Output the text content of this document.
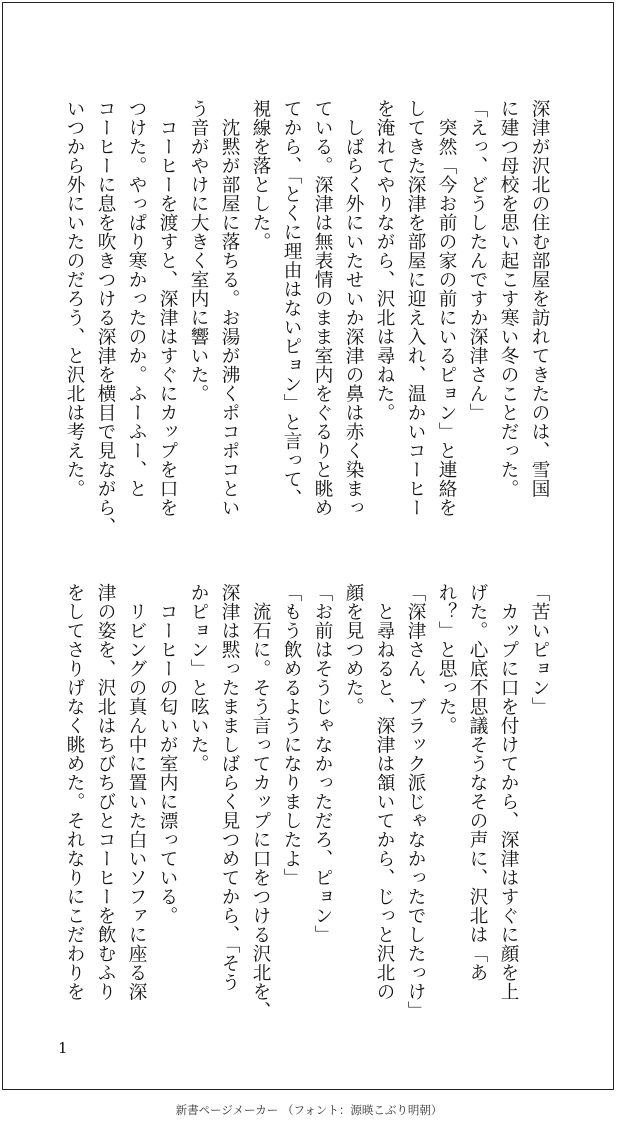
深津が沢北の住む部屋を訪れてきたのは、雪国
に建つ母校を思い起こす寒い冬のことだった。
「えっ、どうしたんですか深津さん」
　突然「今お前の家の前にいるピョン」と連絡を
してきた深津を部屋に迎え入れ、温かいコーヒー
を淹れてやりながら、沢北は尋ねた。
　しばらく外にいたせいか深津の鼻は赤く染まっ
ている。深津は無表情のまま室内をぐるりと眺め
てから、「とくに理由はないピョン」と言って、
視線を落とした。
　沈黙が部屋に落ちる。お湯が沸くポコポコとい
う音がやけに大きく室内に響いた。
　コーヒーを渡すと、深津はすぐにカップを口を
つけた。やっぱり寒かったのか。ふーふー、と
コーヒーに息を吹きつける深津を横目で見ながら、
いつから外にいたのだろう、と沢北は考えた。
「苦いピョン」
　カップに口を付けてから、深津はすぐに顔を上
げた。心底不思議そうなその声に、沢北は「あ
れ？」と思った。
「深津さん、ブラック派じゃなかったでしたっけ」
　と尋ねると、深津は頷いてから、じっと沢北の
顔を見つめた。
「お前はそうじゃなかっただろ、ピョン」
「もう飲めるようになりましたよ」
　流石に。そう言ってカップに口をつける沢北を、
深津は黙ったまましばらく見つめてから、「そう
かピョン」と呟いた。
　コーヒーの匂いが室内に漂っている。
　リビングの真ん中に置いた白いソファに座る深
津の姿を、沢北はちびちびとコーヒーを飲むふり
をしてさりげなく眺めた。それなりにこだわりを
1
新書ページメーカー （フォント：源暎こぶり明朝）
